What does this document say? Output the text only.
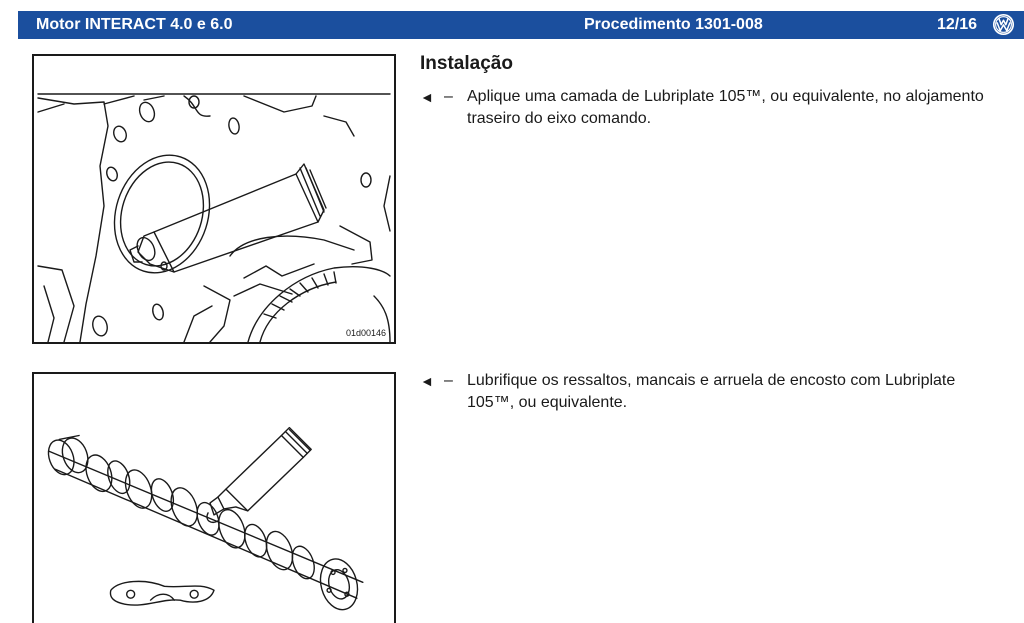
Motor INTERACT 4.0 e 6.0	Procedimento 1301-008	12/16
01d00146
Instalação
◄ – Aplique uma camada de Lubriplate 105™, ou equivalente, no alojamento traseiro do eixo comando.
◄ – Lubrifique os ressaltos, mancais e arruela de encosto com Lubriplate 105™, ou equivalente.
